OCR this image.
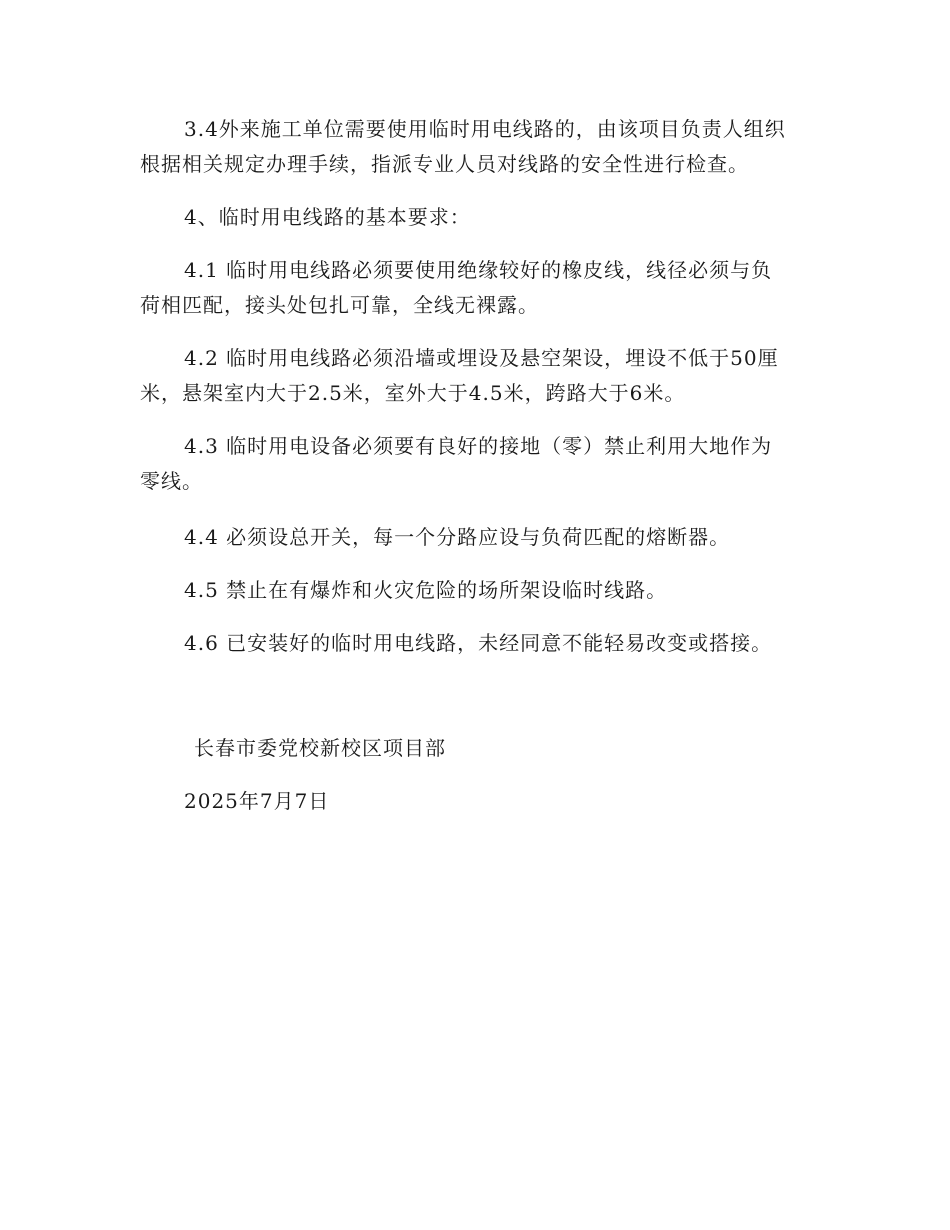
3.4外来施工单位需要使用临时用电线路的，由该项目负责人组织
根据相关规定办理手续，指派专业人员对线路的安全性进行检查。
4、临时用电线路的基本要求：
4.1 临时用电线路必须要使用绝缘较好的橡皮线，线径必须与负
荷相匹配，接头处包扎可靠，全线无裸露。
4.2 临时用电线路必须沿墙或埋设及悬空架设，埋设不低于50厘
米，悬架室内大于2.5米，室外大于4.5米，跨路大于6米。
4.3 临时用电设备必须要有良好的接地（零）禁止利用大地作为
零线。
4.4 必须设总开关，每一个分路应设与负荷匹配的熔断器。
4.5 禁止在有爆炸和火灾危险的场所架设临时线路。
4.6 已安装好的临时用电线路，未经同意不能轻易改变或搭接。
长春市委党校新校区项目部
2025年7月7日
